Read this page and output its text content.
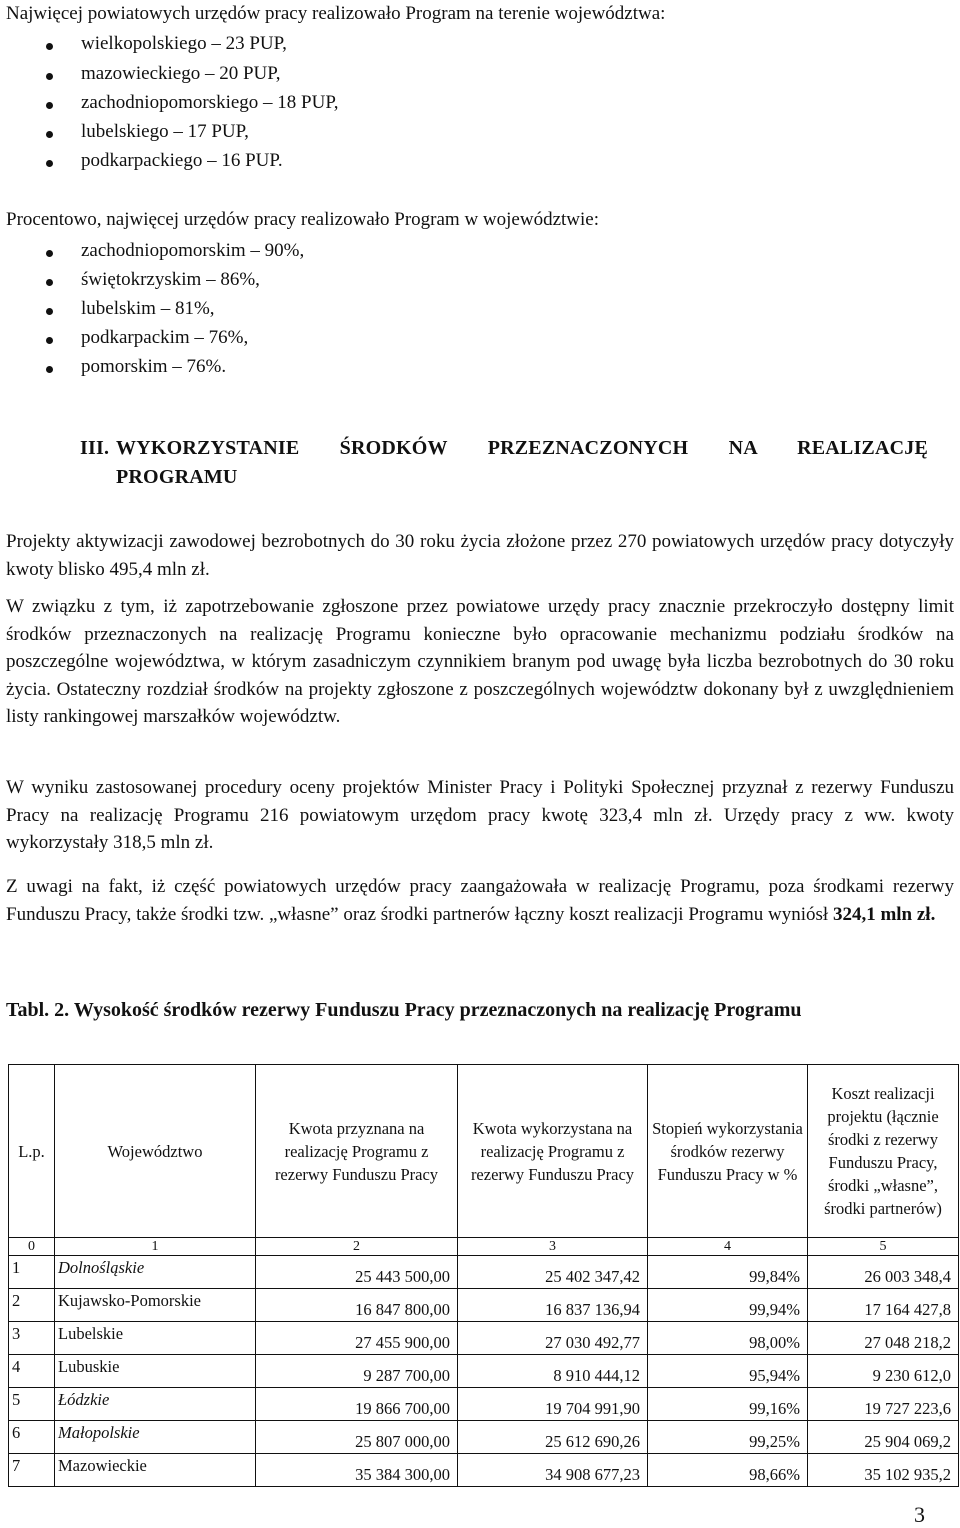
Najwięcej powiatowych urzędów pracy realizowało Program na terenie województwa:
wielkopolskiego – 23 PUP,
mazowieckiego – 20 PUP,
zachodniopomorskiego – 18 PUP,
lubelskiego – 17 PUP,
podkarpackiego – 16 PUP.
Procentowo, najwięcej urzędów pracy realizowało Program w województwie:
zachodniopomorskim – 90%,
świętokrzyskim – 86%,
lubelskim – 81%,
podkarpackim – 76%,
pomorskim – 76%.
III. WYKORZYSTANIE ŚRODKÓW PRZEZNACZONYCH NA REALIZACJĘ
PROGRAMU
Projekty aktywizacji zawodowej bezrobotnych do 30 roku życia złożone przez 270 powiatowych urzędów pracy dotyczyły kwoty blisko 495,4 mln zł.
W związku z tym, iż zapotrzebowanie zgłoszone przez powiatowe urzędy pracy znacznie przekroczyło dostępny limit środków przeznaczonych na realizację Programu konieczne było opracowanie mechanizmu podziału środków na poszczególne województwa, w którym zasadniczym czynnikiem branym pod uwagę była liczba bezrobotnych do 30 roku życia. Ostateczny rozdział środków na projekty zgłoszone z poszczególnych województw dokonany był z uwzględnieniem listy rankingowej marszałków województw.
W wyniku zastosowanej procedury oceny projektów Minister Pracy i Polityki Społecznej przyznał z rezerwy Funduszu Pracy na realizację Programu 216 powiatowym urzędom pracy kwotę 323,4 mln zł. Urzędy pracy z ww. kwoty wykorzystały 318,5 mln zł.
Z uwagi na fakt, iż część powiatowych urzędów pracy zaangażowała w realizację Programu, poza środkami rezerwy Funduszu Pracy, także środki tzw. „własne” oraz środki partnerów łączny koszt realizacji Programu wyniósł 324,1 mln zł.
Tabl. 2. Wysokość środków rezerwy Funduszu Pracy przeznaczonych na realizację Programu
L.p.	Województwo	Kwota przyznana na realizację Programu z rezerwy Funduszu Pracy	Kwota wykorzystana na realizację Programu z rezerwy Funduszu Pracy	Stopień wykorzystania środków rezerwy Funduszu Pracy w %	Koszt realizacji projektu (łącznie środki z rezerwy Funduszu Pracy, środki „własne”, środki partnerów)
0	1	2	3	4	5
1	Dolnośląskie	25 443 500,00	25 402 347,42	99,84%	26 003 348,4
2	Kujawsko-Pomorskie	16 847 800,00	16 837 136,94	99,94%	17 164 427,8
3	Lubelskie	27 455 900,00	27 030 492,77	98,00%	27 048 218,2
4	Lubuskie	9 287 700,00	8 910 444,12	95,94%	9 230 612,0
5	Łódzkie	19 866 700,00	19 704 991,90	99,16%	19 727 223,6
6	Małopolskie	25 807 000,00	25 612 690,26	99,25%	25 904 069,2
7	Mazowieckie	35 384 300,00	34 908 677,23	98,66%	35 102 935,2
3
